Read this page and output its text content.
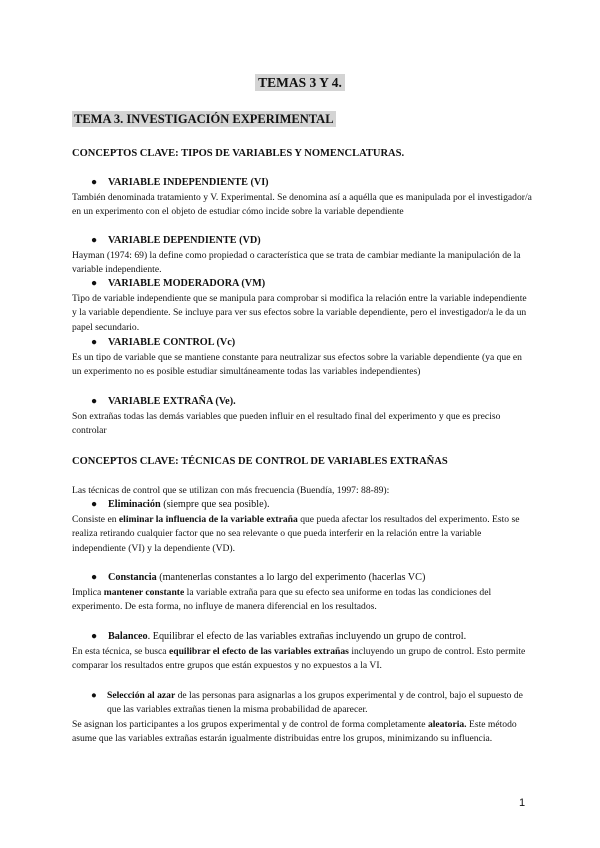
TEMAS 3 Y 4.
TEMA 3. INVESTIGACIÓN EXPERIMENTAL
CONCEPTOS CLAVE: TIPOS DE VARIABLES Y NOMENCLATURAS.
● VARIABLE INDEPENDIENTE (VI)

También denominada tratamiento y V. Experimental. Se denomina así a aquélla que es manipulada por el investigador/a en un experimento con el objeto de estudiar cómo incide sobre la variable dependiente

● VARIABLE DEPENDIENTE (VD)

Hayman (1974: 69) la define como propiedad o característica que se trata de cambiar mediante la manipulación de la variable independiente.

● VARIABLE MODERADORA (VM)

Tipo de variable independiente que se manipula para comprobar si modifica la relación entre la variable independiente y la variable dependiente. Se incluye para ver sus efectos sobre la variable dependiente, pero el investigador/a le da un papel secundario.

● VARIABLE CONTROL (Vc)

Es un tipo de variable que se mantiene constante para neutralizar sus efectos sobre la variable dependiente (ya que en un experimento no es posible estudiar simultáneamente todas las variables independientes)

● VARIABLE EXTRAÑA (Ve).

Son extrañas todas las demás variables que pueden influir en el resultado final del experimento y que es preciso controlar

CONCEPTOS CLAVE: TÉCNICAS DE CONTROL DE VARIABLES EXTRAÑAS

Las técnicas de control que se utilizan con más frecuencia (Buendía, 1997: 88-89):

● Eliminación (siempre que sea posible).

Consiste en eliminar la influencia de la variable extraña que pueda afectar los resultados del experimento. Esto se realiza retirando cualquier factor que no sea relevante o que pueda interferir en la relación entre la variable independiente (VI) y la dependiente (VD).

● Constancia (mantenerlas constantes a lo largo del experimento (hacerlas VC)

Implica mantener constante la variable extraña para que su efecto sea uniforme en todas las condiciones del experimento. De esta forma, no influye de manera diferencial en los resultados.

● Balanceo. Equilibrar el efecto de las variables extrañas incluyendo un grupo de control.

En esta técnica, se busca equilibrar el efecto de las variables extrañas incluyendo un grupo de control. Esto permite comparar los resultados entre grupos que están expuestos y no expuestos a la VI.

● Selección al azar de las personas para asignarlas a los grupos experimental y de control, bajo el supuesto de que las variables extrañas tienen la misma probabilidad de aparecer.

Se asignan los participantes a los grupos experimental y de control de forma completamente aleatoria. Este método asume que las variables extrañas estarán igualmente distribuidas entre los grupos, minimizando su influencia.

1
